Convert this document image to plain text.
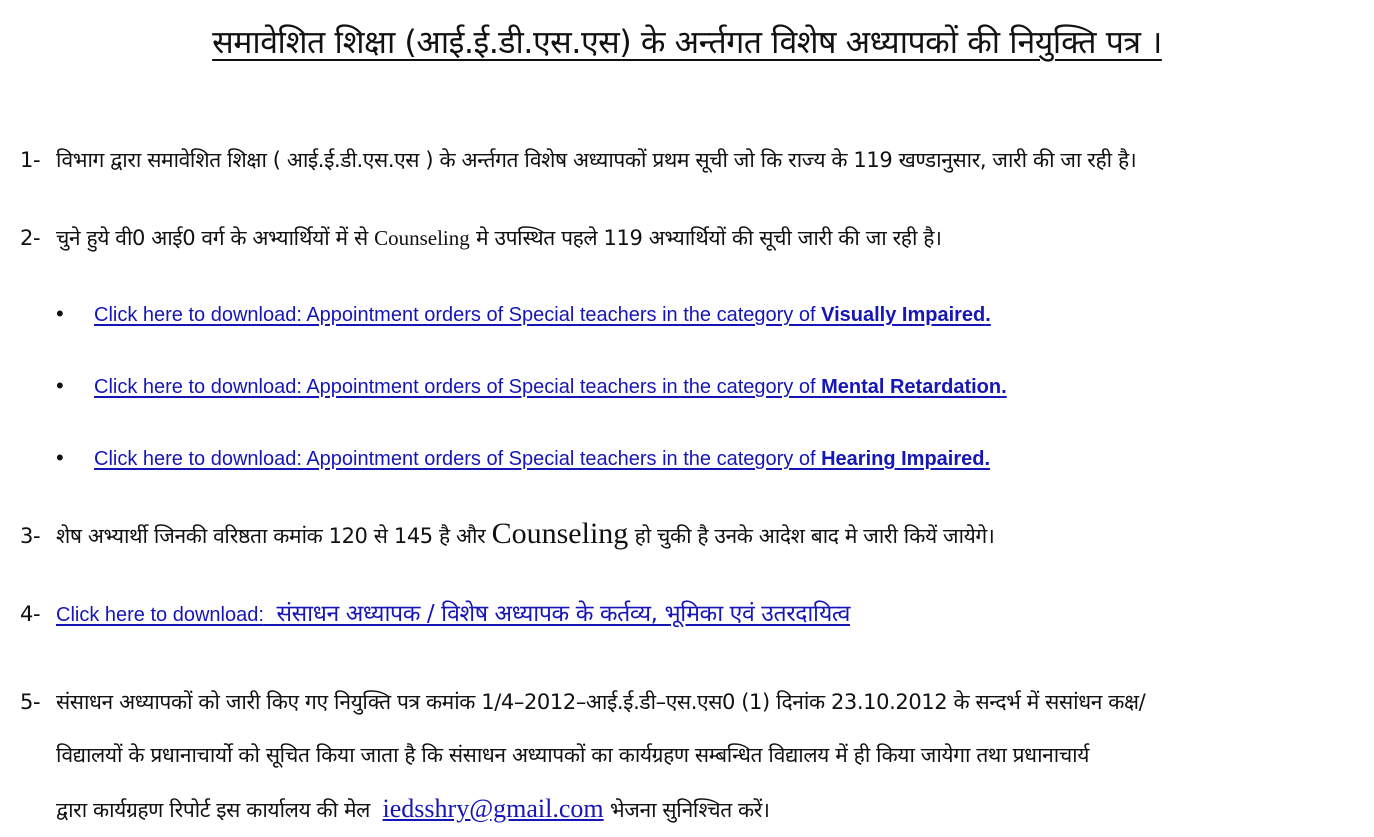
समावेशित शिक्षा (आई.ई.डी.एस.एस) के अर्न्तगत विशेष अध्यापकों की नियुक्ति पत्र ।
1- विभाग द्वारा समावेशित शिक्षा ( आई.ई.डी.एस.एस ) के अर्न्तगत विशेष अध्यापकों प्रथम सूची जो कि राज्य के 119 खण्डानुसार, जारी की जा रही है।
2- चुने हुये वी0 आई0 वर्ग के अभ्यार्थियों में से Counseling मे उपस्थित पहले 119 अभ्यार्थियों की सूची जारी की जा रही है।
• Click here to download: Appointment orders of Special teachers in the category of Visually Impaired.
• Click here to download: Appointment orders of Special teachers in the category of Mental Retardation.
• Click here to download: Appointment orders of Special teachers in the category of Hearing Impaired.
3- शेष अभ्यार्थी जिनकी वरिष्ठता कमांक 120 से 145 है और Counseling हो चुकी है उनके आदेश बाद मे जारी कियें जायेगे।
4- Click here to download: संसाधन अध्यापक / विशेष अध्यापक के कर्तव्य, भूमिका एवं उतरदायित्व
5- संसाधन अध्यापकों को जारी किए गए नियुक्ति पत्र कमांक 1/4–2012–आई.ई.डी–एस.एस0 (1) दिनांक 23.10.2012 के सन्दर्भ में ससांधन कक्ष/
विद्यालयों के प्रधानाचार्यो को सूचित किया जाता है कि संसाधन अध्यापकों का कार्यग्रहण सम्बन्धित विद्यालय में ही किया जायेगा तथा प्रधानाचार्य
द्वारा कार्यग्रहण रिपोर्ट इस कार्यालय की मेल iedsshry@gmail.com भेजना सुनिश्चित करें।
